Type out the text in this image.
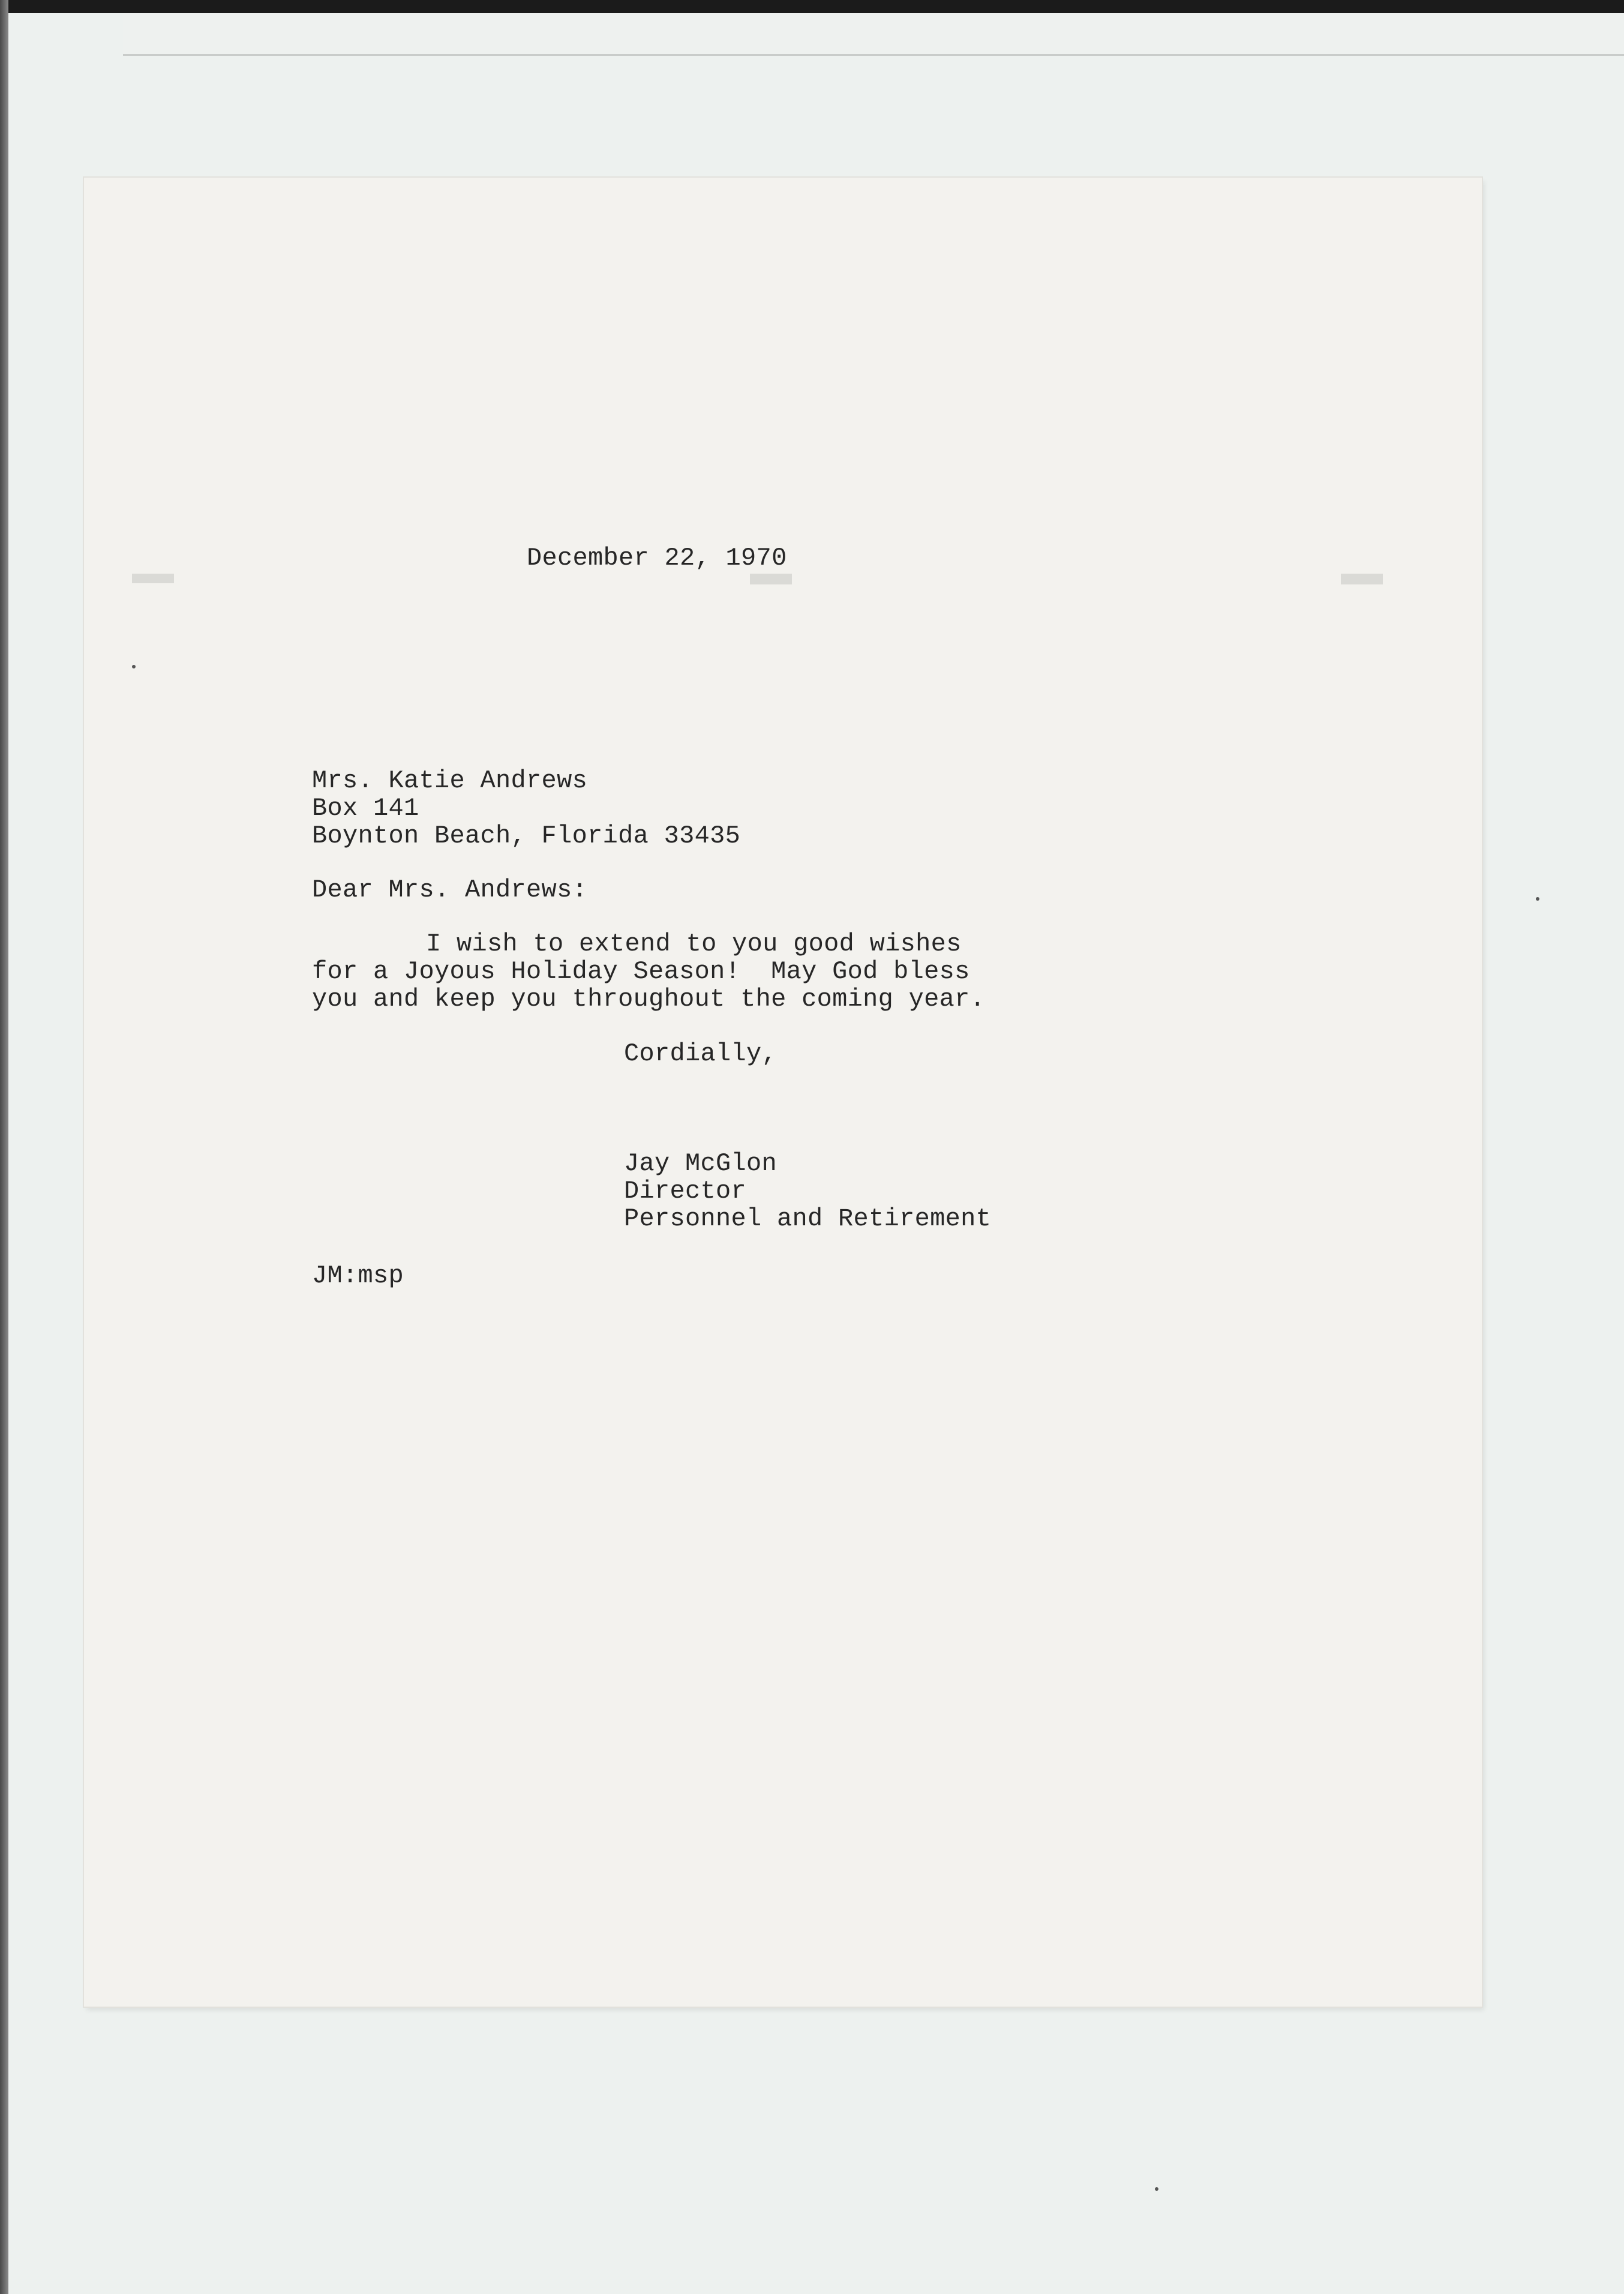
December 22, 1970

Mrs. Katie Andrews

Box 141

Boynton Beach, Florida 33435

Dear Mrs. Andrews:

I wish to extend to you good wishes

for a Joyous Holiday Season!  May God bless

you and keep you throughout the coming year.

Cordially,

Jay McGlon

Director

Personnel and Retirement

JM:msp
